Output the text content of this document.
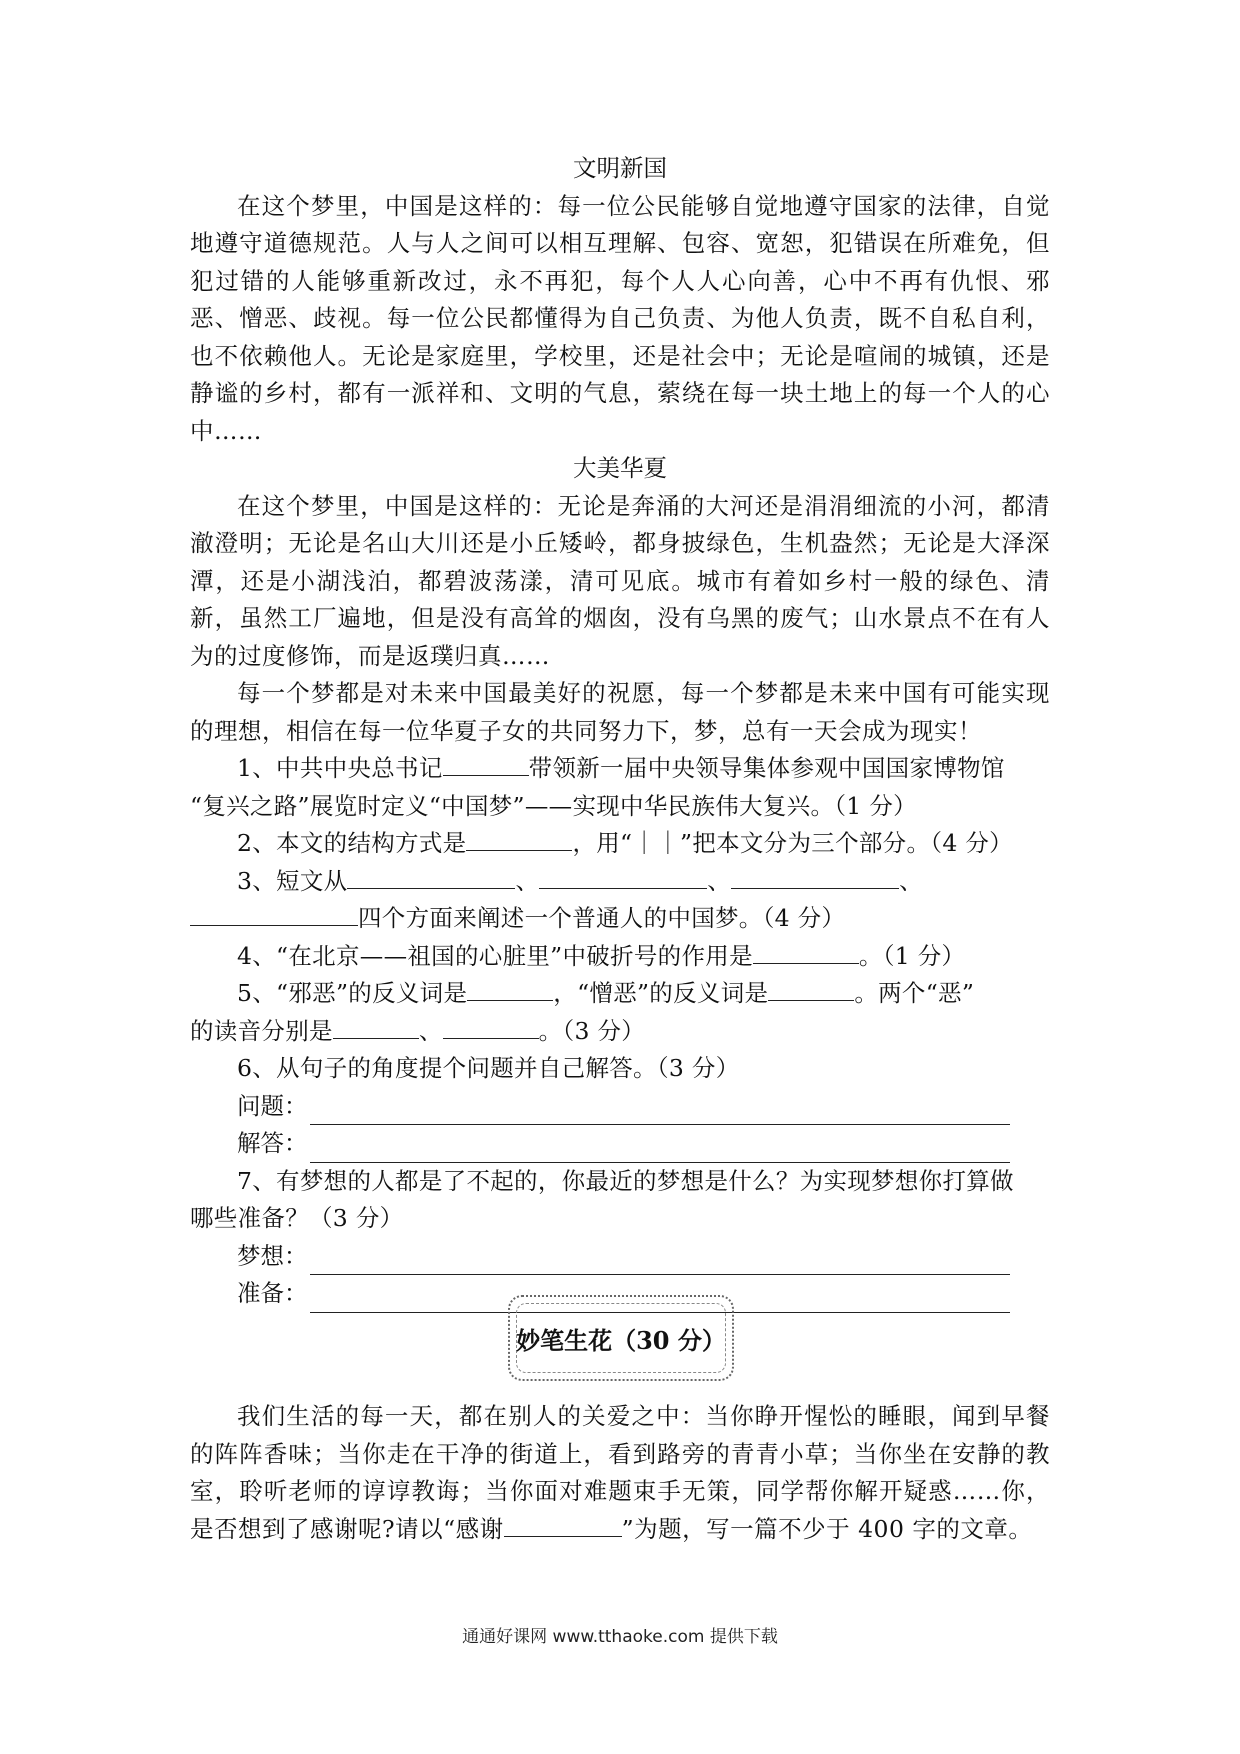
文明新国

在这个梦里，中国是这样的：每一位公民能够自觉地遵守国家的法律，自觉地遵守道德规范。人与人之间可以相互理解、包容、宽恕，犯错误在所难免，但犯过错的人能够重新改过，永不再犯，每个人人心向善，心中不再有仇恨、邪恶、憎恶、歧视。每一位公民都懂得为自己负责、为他人负责，既不自私自利，也不依赖他人。无论是家庭里，学校里，还是社会中；无论是喧闹的城镇，还是静谧的乡村，都有一派祥和、文明的气息，萦绕在每一块土地上的每一个人的心中……

大美华夏

在这个梦里，中国是这样的：无论是奔涌的大河还是涓涓细流的小河，都清澈澄明；无论是名山大川还是小丘矮岭，都身披绿色，生机盎然；无论是大泽深潭，还是小湖浅泊，都碧波荡漾，清可见底。城市有着如乡村一般的绿色、清新，虽然工厂遍地，但是没有高耸的烟囱，没有乌黑的废气；山水景点不在有人为的过度修饰，而是返璞归真……

每一个梦都是对未来中国最美好的祝愿，每一个梦都是未来中国有可能实现的理想，相信在每一位华夏子女的共同努力下，梦，总有一天会成为现实！

1、中共中央总书记	带领新一届中央领导集体参观中国国家博物馆

“复兴之路”展览时定义“中国梦”——实现中华民族伟大复兴。（1 分）

2、本文的结构方式是	，用“｜｜”把本文分为三个部分。（4 分）

3、短文从	、	、	、

四个方面来阐述一个普通人的中国梦。（4 分）

4、“在北京——祖国的心脏里”中破折号的作用是	。（1 分）

5、“邪恶”的反义词是	，“憎恶”的反义词是	。两个“恶”

的读音分别是	、	。（3 分）

6、从句子的角度提个问题并自己解答。（3 分）

问题：

解答：

7、有梦想的人都是了不起的，你最近的梦想是什么？为实现梦想你打算做

哪些准备？（3 分）

梦想：

准备：

妙笔生花（30 分）

我们生活的每一天，都在别人的关爱之中：当你睁开惺忪的睡眼，闻到早餐的阵阵香味；当你走在干净的街道上，看到路旁的青青小草；当你坐在安静的教室，聆听老师的谆谆教诲；当你面对难题束手无策，同学帮你解开疑惑……你，是否想到了感谢呢?请以“感谢	”为题，写一篇不少于 400 字的文章。

通通好课网 www.tthaoke.com 提供下载
